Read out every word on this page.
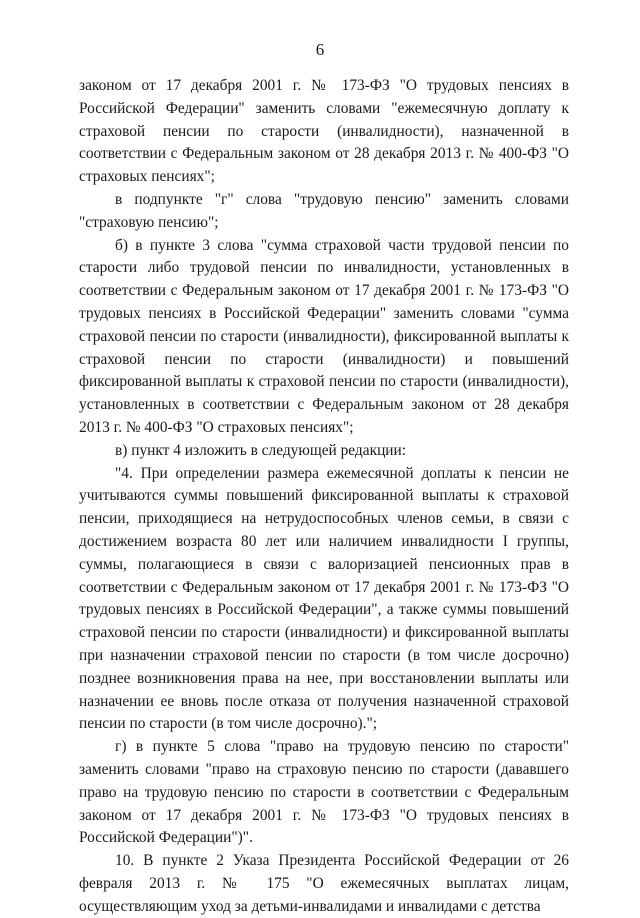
6

законом от 17 декабря 2001 г. № 173-ФЗ "О трудовых пенсиях в Российской Федерации" заменить словами "ежемесячную доплату к страховой пенсии по старости (инвалидности), назначенной в соответствии с Федеральным законом от 28 декабря 2013 г. № 400-ФЗ "О страховых пенсиях";

в подпункте "г" слова "трудовую пенсию" заменить словами "страховую пенсию";

б) в пункте 3 слова "сумма страховой части трудовой пенсии по старости либо трудовой пенсии по инвалидности, установленных в соответствии с Федеральным законом от 17 декабря 2001 г. № 173-ФЗ "О трудовых пенсиях в Российской Федерации" заменить словами "сумма страховой пенсии по старости (инвалидности), фиксированной выплаты к страховой пенсии по старости (инвалидности) и повышений фиксированной выплаты к страховой пенсии по старости (инвалидности), установленных в соответствии с Федеральным законом от 28 декабря 2013 г. № 400-ФЗ "О страховых пенсиях";

в) пункт 4 изложить в следующей редакции:

"4. При определении размера ежемесячной доплаты к пенсии не учитываются суммы повышений фиксированной выплаты к страховой пенсии, приходящиеся на нетрудоспособных членов семьи, в связи с достижением возраста 80 лет или наличием инвалидности I группы, суммы, полагающиеся в связи с валоризацией пенсионных прав в соответствии с Федеральным законом от 17 декабря 2001 г. № 173-ФЗ "О трудовых пенсиях в Российской Федерации", а также суммы повышений страховой пенсии по старости (инвалидности) и фиксированной выплаты при назначении страховой пенсии по старости (в том числе досрочно) позднее возникновения права на нее, при восстановлении выплаты или назначении ее вновь после отказа от получения назначенной страховой пенсии по старости (в том числе досрочно).";

г) в пункте 5 слова "право на трудовую пенсию по старости" заменить словами "право на страховую пенсию по старости (дававшего право на трудовую пенсию по старости в соответствии с Федеральным законом от 17 декабря 2001 г. № 173-ФЗ "О трудовых пенсиях в Российской Федерации")".

10. В пункте 2 Указа Президента Российской Федерации от 26 февраля 2013 г. № 175 "О ежемесячных выплатах лицам, осуществляющим уход за детьми-инвалидами и инвалидами с детства
